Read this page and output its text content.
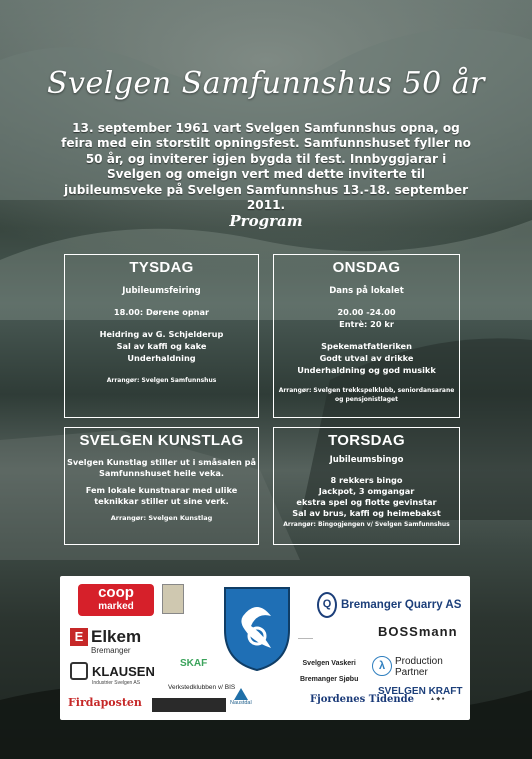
Svelgen Samfunnshus 50 år
13. september 1961 vart Svelgen Samfunnshus opna, og feira med ein storstilt opningsfest. Samfunnshuset fyller no 50 år, og inviterer igjen bygda til fest. Innbyggjarar i Svelgen og omeign vert med dette inviterte til jubileumsveke på Svelgen Samfunnshus 13.-18. september 2011.
Program
TYSDAG
Jubileumsfeiring
18.00: Dørene opnar
Heidring av G. Schjelderup
Sal av kaffi og kake
Underhaldning
Arrangør: Svelgen Samfunnshus
ONSDAG
Dans på lokalet
20.00 -24.00
Entrè: 20 kr
Spekematfatleriken
Godt utval av drikke
Underhaldning og god musikk
Arrangør: Svelgen trekkspelklubb, seniordansarane
og pensjonistlaget
SVELGEN KUNSTLAG
Svelgen Kunstlag stiller ut i småsalen på
Samfunnshuset heile veka.
Fem lokale kunstnarar med ulike
teknikkar stiller ut sine verk.
Arrangør: Svelgen Kunstlag
TORSDAG
Jubileumsbingo
8 rekkers bingo
Jackpot, 3 omgangar
ekstra spel og flotte gevinstar
Sal av brus, kaffi og heimebakst
Arrangør: Bingogjengen v/ Svelgen Samfunnshus
coop
marked	Q Bremanger Quarry AS
E Elkem
Bremanger
———	BOSSmann
KLAUSEN
Industrier Svelgen AS
SKAF
Verkstedklubben v/ BIS
Svelgen Vaskeri
Bremanger Sjøbu
λ Production
Partner
SVELGEN KRAFT
Firdaposten	Naustdal	Fjordenes Tidende	▲ ◆ ●
